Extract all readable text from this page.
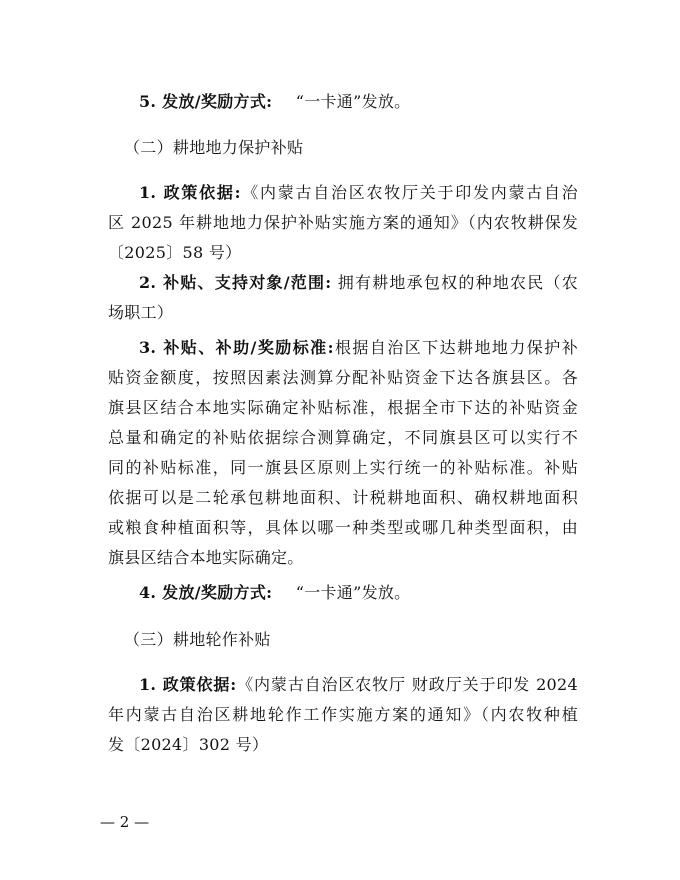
5. 发放/奖励方式: “一卡通”发放。
（二）耕地地力保护补贴
1. 政策依据:《内蒙古自治区农牧厅关于印发内蒙古自治
区 2025 年耕地地力保护补贴实施方案的通知》（内农牧耕保发
〔2025〕58 号）
2. 补贴、支持对象/范围: 拥有耕地承包权的种地农民（农
场职工）
3. 补贴、补助/奖励标准:根据自治区下达耕地地力保护补
贴资金额度，按照因素法测算分配补贴资金下达各旗县区。各
旗县区结合本地实际确定补贴标准，根据全市下达的补贴资金
总量和确定的补贴依据综合测算确定，不同旗县区可以实行不
同的补贴标准，同一旗县区原则上实行统一的补贴标准。补贴
依据可以是二轮承包耕地面积、计税耕地面积、确权耕地面积
或粮食种植面积等，具体以哪一种类型或哪几种类型面积，由
旗县区结合本地实际确定。
4. 发放/奖励方式: “一卡通”发放。
（三）耕地轮作补贴
1. 政策依据:《内蒙古自治区农牧厅 财政厅关于印发 2024
年内蒙古自治区耕地轮作工作实施方案的通知》（内农牧种植
发〔2024〕302 号）
— 2 —
